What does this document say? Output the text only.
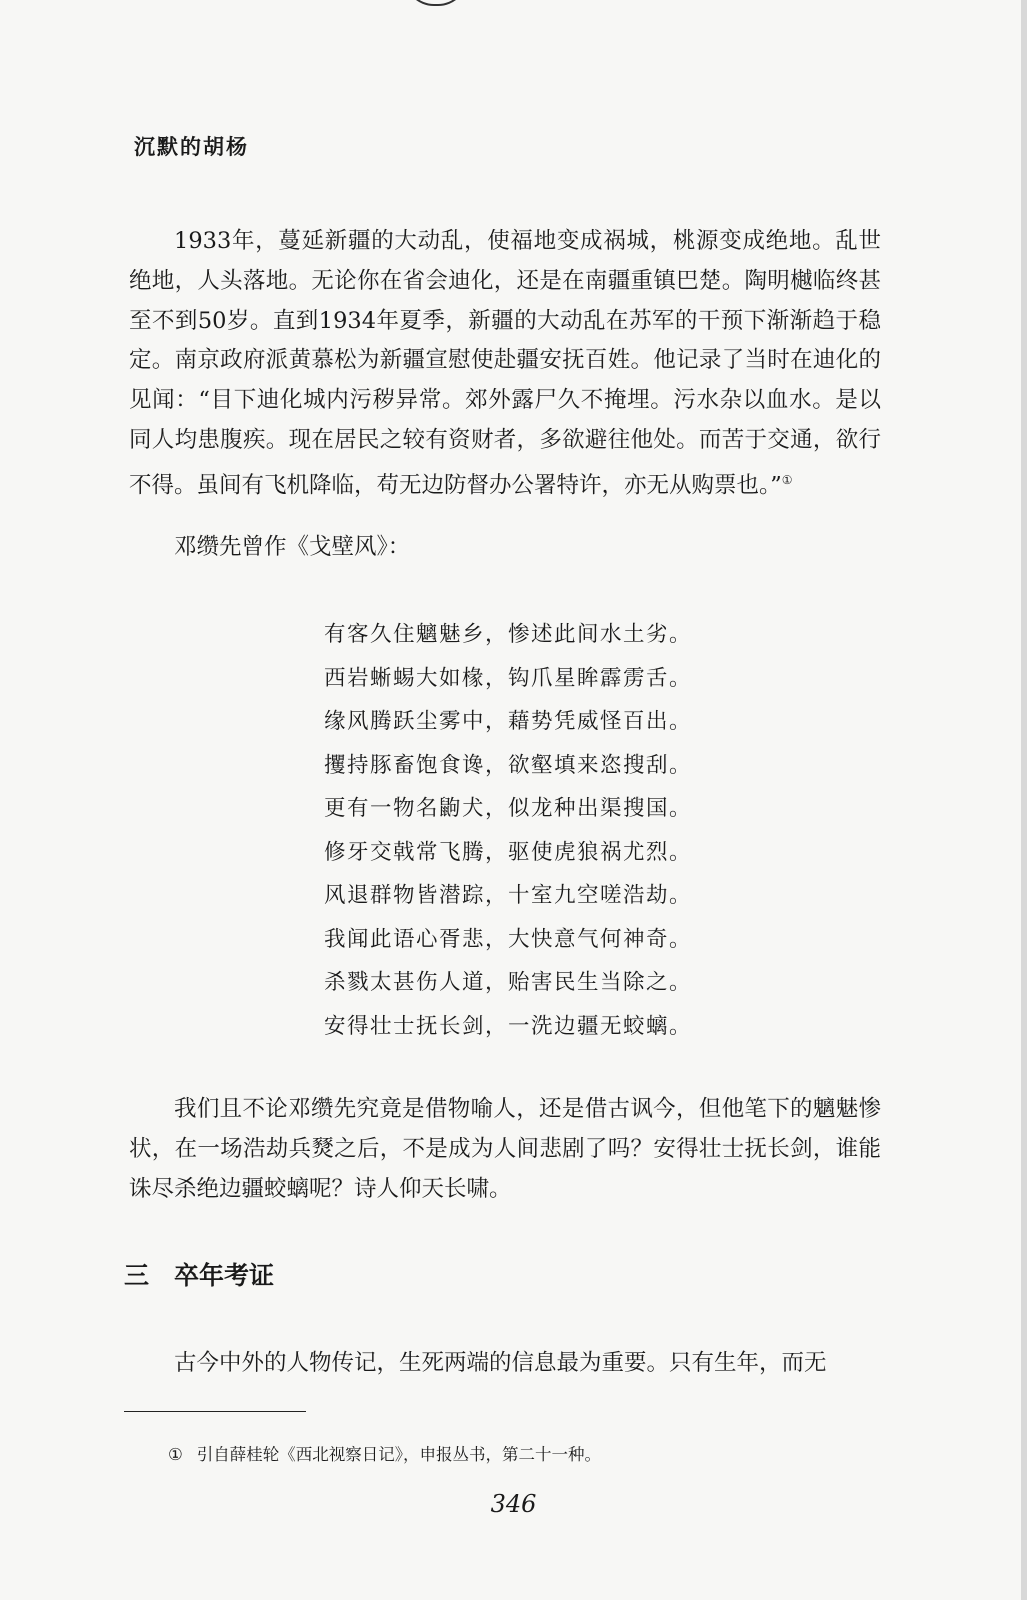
沉默的胡杨

1933年，蔓延新疆的大动乱，使福地变成祸城，桃源变成绝地。乱世绝地，人头落地。无论你在省会迪化，还是在南疆重镇巴楚。陶明樾临终甚至不到50岁。直到1934年夏季，新疆的大动乱在苏军的干预下渐渐趋于稳定。南京政府派黄慕松为新疆宣慰使赴疆安抚百姓。他记录了当时在迪化的见闻：“目下迪化城内污秽异常。郊外露尸久不掩埋。污水杂以血水。是以同人均患腹疾。现在居民之较有资财者，多欲避往他处。而苦于交通，欲行不得。虽间有飞机降临，苟无边防督办公署特许，亦无从购票也。”①

邓缵先曾作《戈壁风》：

有客久住魑魅乡，惨述此间水土劣。
西岩蜥蜴大如椽，钩爪星眸霹雳舌。
缘风腾跃尘雾中，藉势凭威怪百出。
攫持豚畜饱食谗，欲壑填来恣搜刮。
更有一物名鼩犬，似龙种出渠搜国。
修牙交戟常飞腾，驱使虎狼祸尤烈。
风退群物皆潜踪，十室九空嗟浩劫。
我闻此语心胥悲，大快意气何神奇。
杀戮太甚伤人道，贻害民生当除之。
安得壮士抚长剑，一洗边疆无蛟螭。

我们且不论邓缵先究竟是借物喻人，还是借古讽今，但他笔下的魑魅惨状，在一场浩劫兵燹之后，不是成为人间悲剧了吗？安得壮士抚长剑，谁能诛尽杀绝边疆蛟螭呢？诗人仰天长啸。

三　卒年考证

古今中外的人物传记，生死两端的信息最为重要。只有生年，而无

① 引自薛桂轮《西北视察日记》，申报丛书，第二十一种。
346
